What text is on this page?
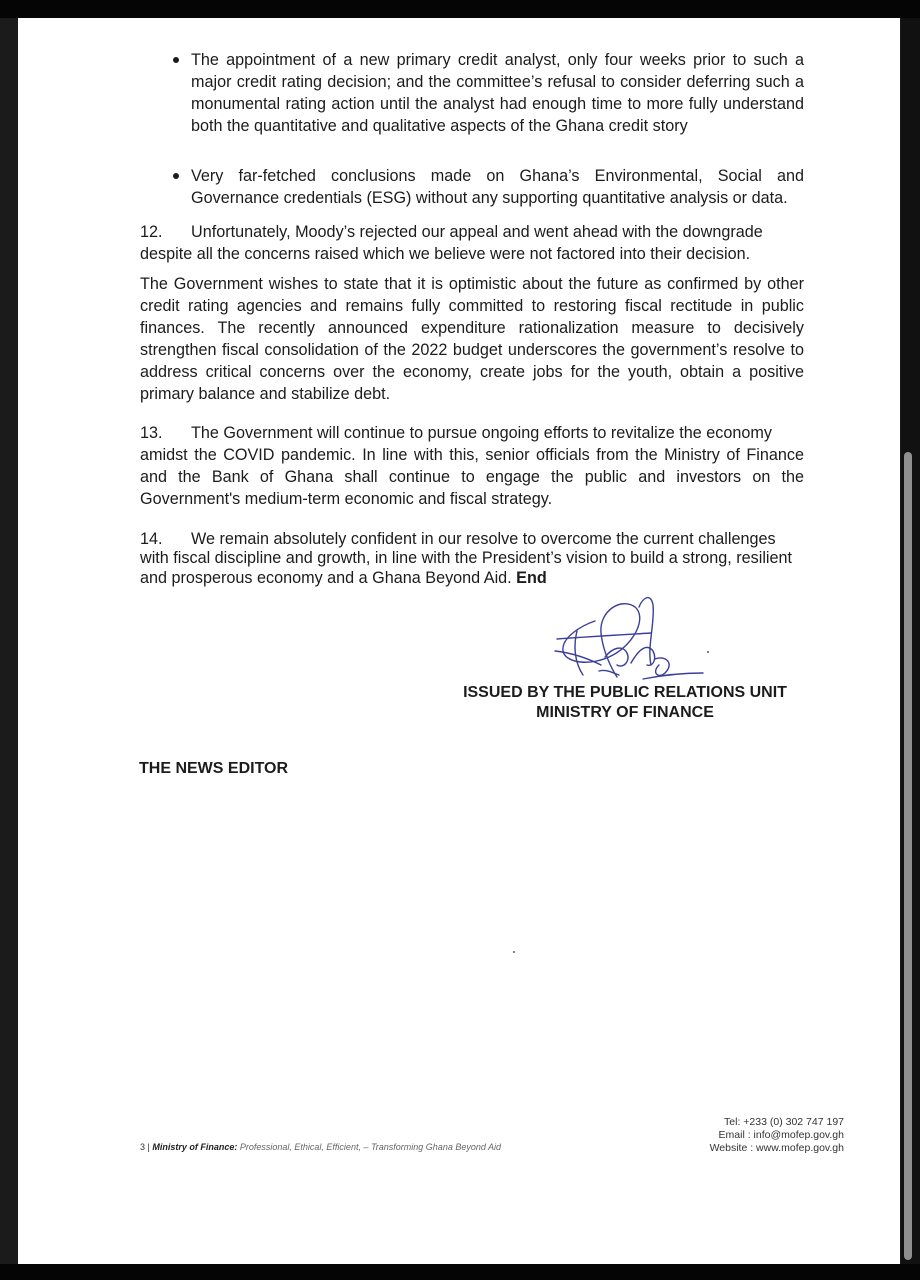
The appointment of a new primary credit analyst, only four weeks prior to such a major credit rating decision; and the committee’s refusal to consider deferring such a monumental rating action until the analyst had enough time to more fully understand both the quantitative and qualitative aspects of the Ghana credit story
Very far-fetched conclusions made on Ghana’s Environmental, Social and Governance credentials (ESG) without any supporting quantitative analysis or data.
12. Unfortunately, Moody’s rejected our appeal and went ahead with the downgrade
despite all the concerns raised which we believe were not factored into their decision.
The Government wishes to state that it is optimistic about the future as confirmed by other credit rating agencies and remains fully committed to restoring fiscal rectitude in public finances. The recently announced expenditure rationalization measure to decisively strengthen fiscal consolidation of the 2022 budget underscores the government’s resolve to address critical concerns over the economy, create jobs for the youth, obtain a positive primary balance and stabilize debt.
13. The Government will continue to pursue ongoing efforts to revitalize the economy
amidst the COVID pandemic. In line with this, senior officials from the Ministry of Finance and the Bank of Ghana shall continue to engage the public and investors on the Government's medium-term economic and fiscal strategy.
14. We remain absolutely confident in our resolve to overcome the current challenges
with fiscal discipline and growth, in line with the President’s vision to build a strong, resilient and prosperous economy and a Ghana Beyond Aid. End
ISSUED BY THE PUBLIC RELATIONS UNIT
MINISTRY OF FINANCE
THE NEWS EDITOR
3 | Ministry of Finance: Professional, Ethical, Efficient, – Transforming Ghana Beyond Aid
Tel: +233 (0) 302 747 197
Email : info@mofep.gov.gh
Website : www.mofep.gov.gh
